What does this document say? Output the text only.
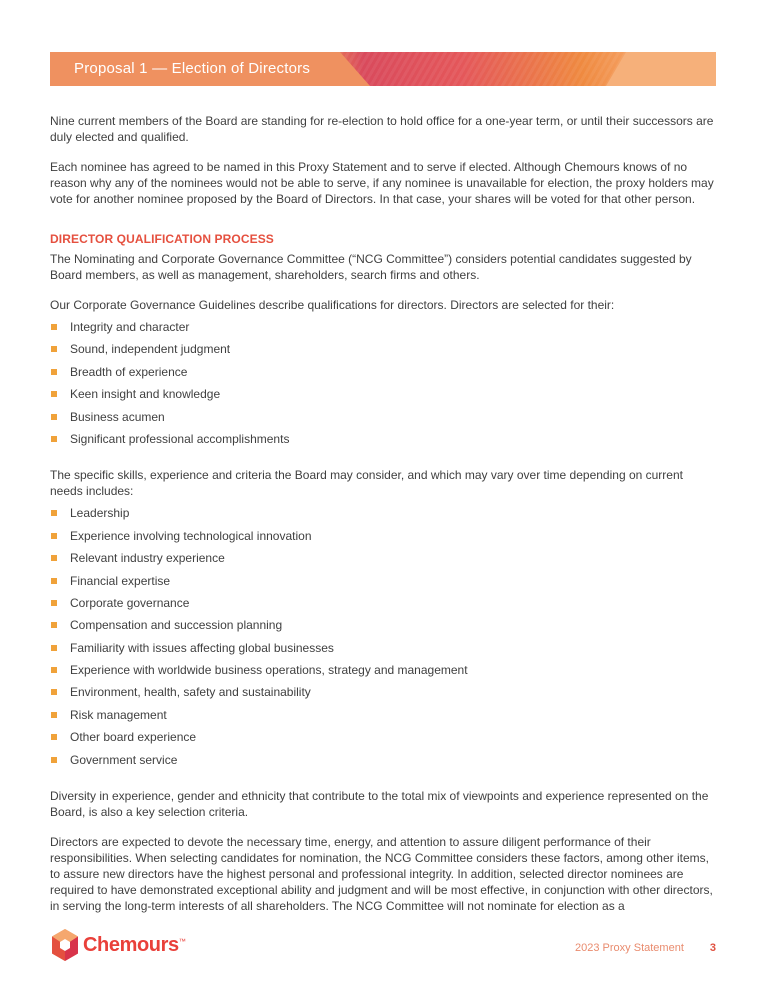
Proposal 1 — Election of Directors

Nine current members of the Board are standing for re-election to hold office for a one-year term, or until their successors are duly elected and qualified.

Each nominee has agreed to be named in this Proxy Statement and to serve if elected. Although Chemours knows of no reason why any of the nominees would not be able to serve, if any nominee is unavailable for election, the proxy holders may vote for another nominee proposed by the Board of Directors. In that case, your shares will be voted for that other person.

DIRECTOR QUALIFICATION PROCESS

The Nominating and Corporate Governance Committee (“NCG Committee”) considers potential candidates suggested by Board members, as well as management, shareholders, search firms and others.

Our Corporate Governance Guidelines describe qualifications for directors. Directors are selected for their:

Integrity and character
Sound, independent judgment
Breadth of experience
Keen insight and knowledge
Business acumen
Significant professional accomplishments

The specific skills, experience and criteria the Board may consider, and which may vary over time depending on current needs includes:

Leadership
Experience involving technological innovation
Relevant industry experience
Financial expertise
Corporate governance
Compensation and succession planning
Familiarity with issues affecting global businesses
Experience with worldwide business operations, strategy and management
Environment, health, safety and sustainability
Risk management
Other board experience
Government service

Diversity in experience, gender and ethnicity that contribute to the total mix of viewpoints and experience represented on the Board, is also a key selection criteria.

Directors are expected to devote the necessary time, energy, and attention to assure diligent performance of their responsibilities. When selecting candidates for nomination, the NCG Committee considers these factors, among other items, to assure new directors have the highest personal and professional integrity. In addition, selected director nominees are required to have demonstrated exceptional ability and judgment and will be most effective, in conjunction with other directors, in serving the long-term interests of all shareholders. The NCG Committee will not nominate for election as a

Chemours™
2023 Proxy Statement 3
